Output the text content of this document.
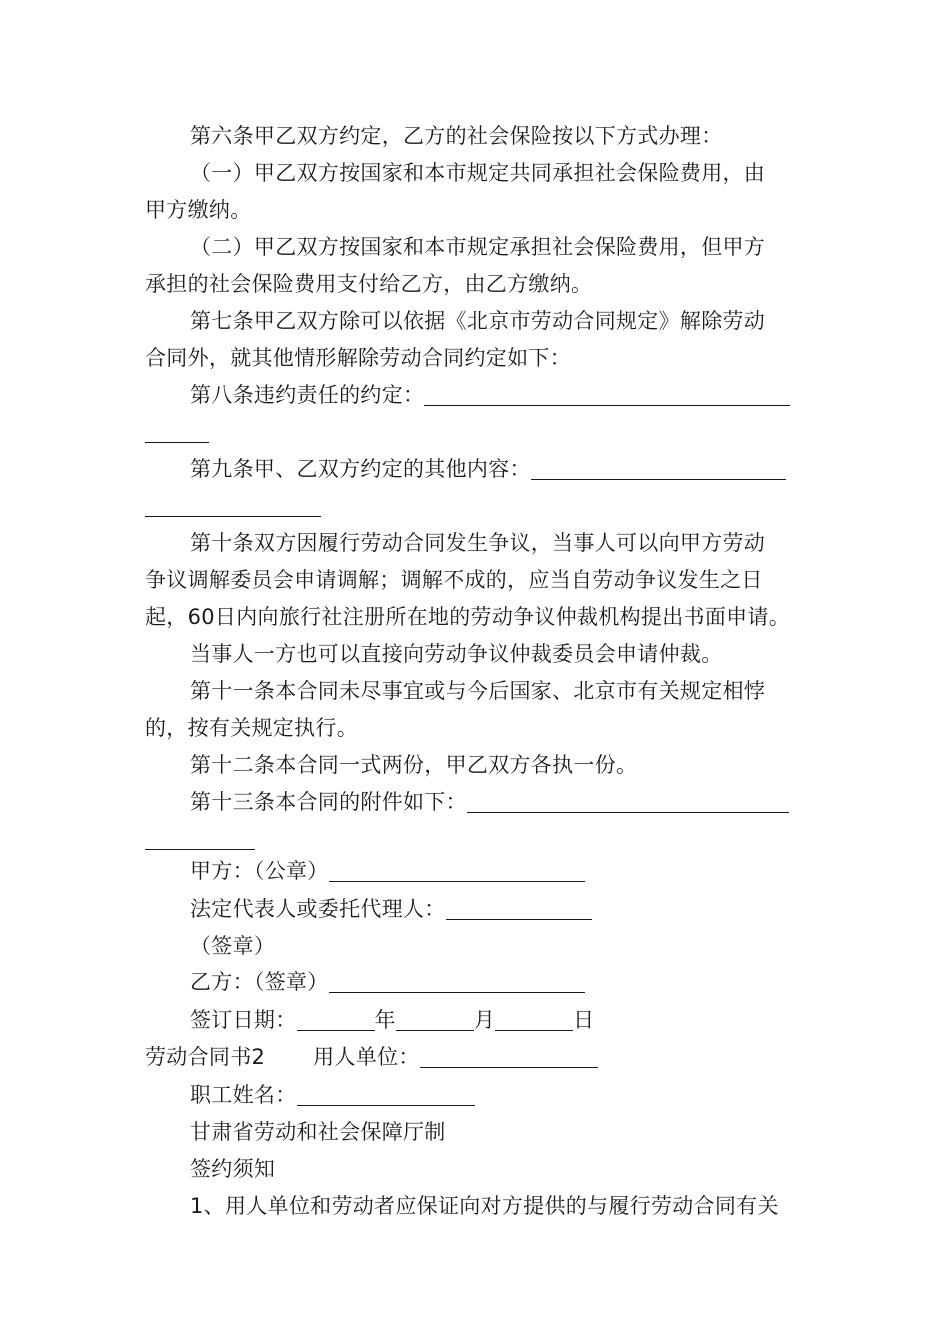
第六条甲乙双方约定，乙方的社会保险按以下方式办理：
（一）甲乙双方按国家和本市规定共同承担社会保险费用，由
甲方缴纳。
（二）甲乙双方按国家和本市规定承担社会保险费用，但甲方
承担的社会保险费用支付给乙方，由乙方缴纳。
第七条甲乙双方除可以依据《北京市劳动合同规定》解除劳动
合同外，就其他情形解除劳动合同约定如下：
第八条违约责任的约定：
第九条甲、乙双方约定的其他内容：
第十条双方因履行劳动合同发生争议，当事人可以向甲方劳动
争议调解委员会申请调解；调解不成的，应当自劳动争议发生之日
起，60日内向旅行社注册所在地的劳动争议仲裁机构提出书面申请。
当事人一方也可以直接向劳动争议仲裁委员会申请仲裁。
第十一条本合同未尽事宜或与今后国家、北京市有关规定相悖
的，按有关规定执行。
第十二条本合同一式两份，甲乙双方各执一份。
第十三条本合同的附件如下：
甲方：（公章）
法定代表人或委托代理人：
（签章）
乙方：（签章）
签订日期：	年	月	日
劳动合同书2 用人单位：
职工姓名：
甘肃省劳动和社会保障厅制
签约须知
1、用人单位和劳动者应保证向对方提供的与履行劳动合同有关
